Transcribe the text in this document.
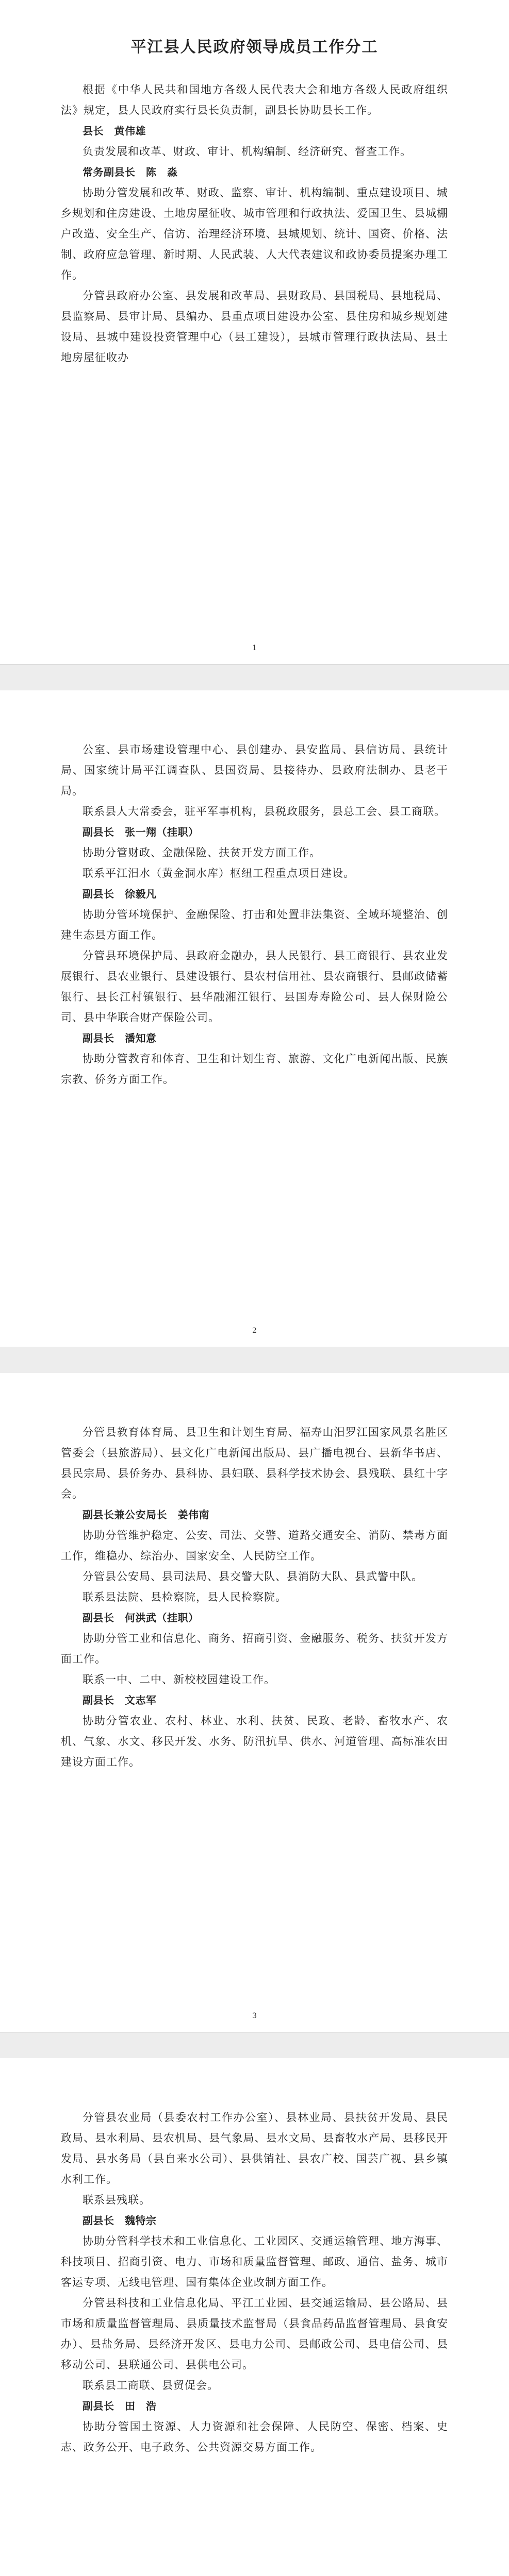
平江县人民政府领导成员工作分工

根据《中华人民共和国地方各级人民代表大会和地方各级人民政府组织法》规定，县人民政府实行县长负责制，副县长协助县长工作。

县长　黄伟雄

负责发展和改革、财政、审计、机构编制、经济研究、督查工作。

常务副县长　陈　淼

协助分管发展和改革、财政、监察、审计、机构编制、重点建设项目、城乡规划和住房建设、土地房屋征收、城市管理和行政执法、爱国卫生、县城棚户改造、安全生产、信访、治理经济环境、县城规划、统计、国资、价格、法制、政府应急管理、新时期、人民武装、人大代表建议和政协委员提案办理工作。

分管县政府办公室、县发展和改革局、县财政局、县国税局、县地税局、县监察局、县审计局、县编办、县重点项目建设办公室、县住房和城乡规划建设局、县城中建设投资管理中心（县工建设），县城市管理行政执法局、县土地房屋征收办

1

公室、县市场建设管理中心、县创建办、县安监局、县信访局、县统计局、国家统计局平江调查队、县国资局、县接待办、县政府法制办、县老干局。

联系县人大常委会，驻平军事机构，县税政服务，县总工会、县工商联。

副县长　张一翔（挂职）

协助分管财政、金融保险、扶贫开发方面工作。

联系平江汨水（黄金洞水库）枢纽工程重点项目建设。

副县长　徐毅凡

协助分管环境保护、金融保险、打击和处置非法集资、全域环境整治、创建生态县方面工作。

分管县环境保护局、县政府金融办，县人民银行、县工商银行、县农业发展银行、县农业银行、县建设银行、县农村信用社、县农商银行、县邮政储蓄银行、县长江村镇银行、县华融湘江银行、县国寿寿险公司、县人保财险公司、县中华联合财产保险公司。

副县长　潘知意

协助分管教育和体育、卫生和计划生育、旅游、文化广电新闻出版、民族宗教、侨务方面工作。

2

分管县教育体育局、县卫生和计划生育局、福寿山汨罗江国家风景名胜区管委会（县旅游局）、县文化广电新闻出版局、县广播电视台、县新华书店、县民宗局、县侨务办、县科协、县妇联、县科学技术协会、县残联、县红十字会。

副县长兼公安局长　姜伟南

协助分管维护稳定、公安、司法、交警、道路交通安全、消防、禁毒方面工作，维稳办、综治办、国家安全、人民防空工作。

分管县公安局、县司法局、县交警大队、县消防大队、县武警中队。

联系县法院、县检察院，县人民检察院。

副县长　何洪武（挂职）

协助分管工业和信息化、商务、招商引资、金融服务、税务、扶贫开发方面工作。

联系一中、二中、新校校园建设工作。

副县长　文志军

协助分管农业、农村、林业、水利、扶贫、民政、老龄、畜牧水产、农机、气象、水文、移民开发、水务、防汛抗旱、供水、河道管理、高标准农田建设方面工作。

3

分管县农业局（县委农村工作办公室）、县林业局、县扶贫开发局、县民政局、县水利局、县农机局、县气象局、县水文局、县畜牧水产局、县移民开发局、县水务局（县自来水公司）、县供销社、县农广校、国芸广视、县乡镇水利工作。

联系县残联。

副县长　魏特宗

协助分管科学技术和工业信息化、工业园区、交通运输管理、地方海事、科技项目、招商引资、电力、市场和质量监督管理、邮政、通信、盐务、城市客运专项、无线电管理、国有集体企业改制方面工作。

分管县科技和工业信息化局、平江工业园、县交通运输局、县公路局、县市场和质量监督管理局、县质量技术监督局（县食品药品监督管理局、县食安办）、县盐务局、县经济开发区、县电力公司、县邮政公司、县电信公司、县移动公司、县联通公司、县供电公司。

联系县工商联、县贸促会。

副县长　田　浩

协助分管国土资源、人力资源和社会保障、人民防空、保密、档案、史志、政务公开、电子政务、公共资源交易方面工作。
